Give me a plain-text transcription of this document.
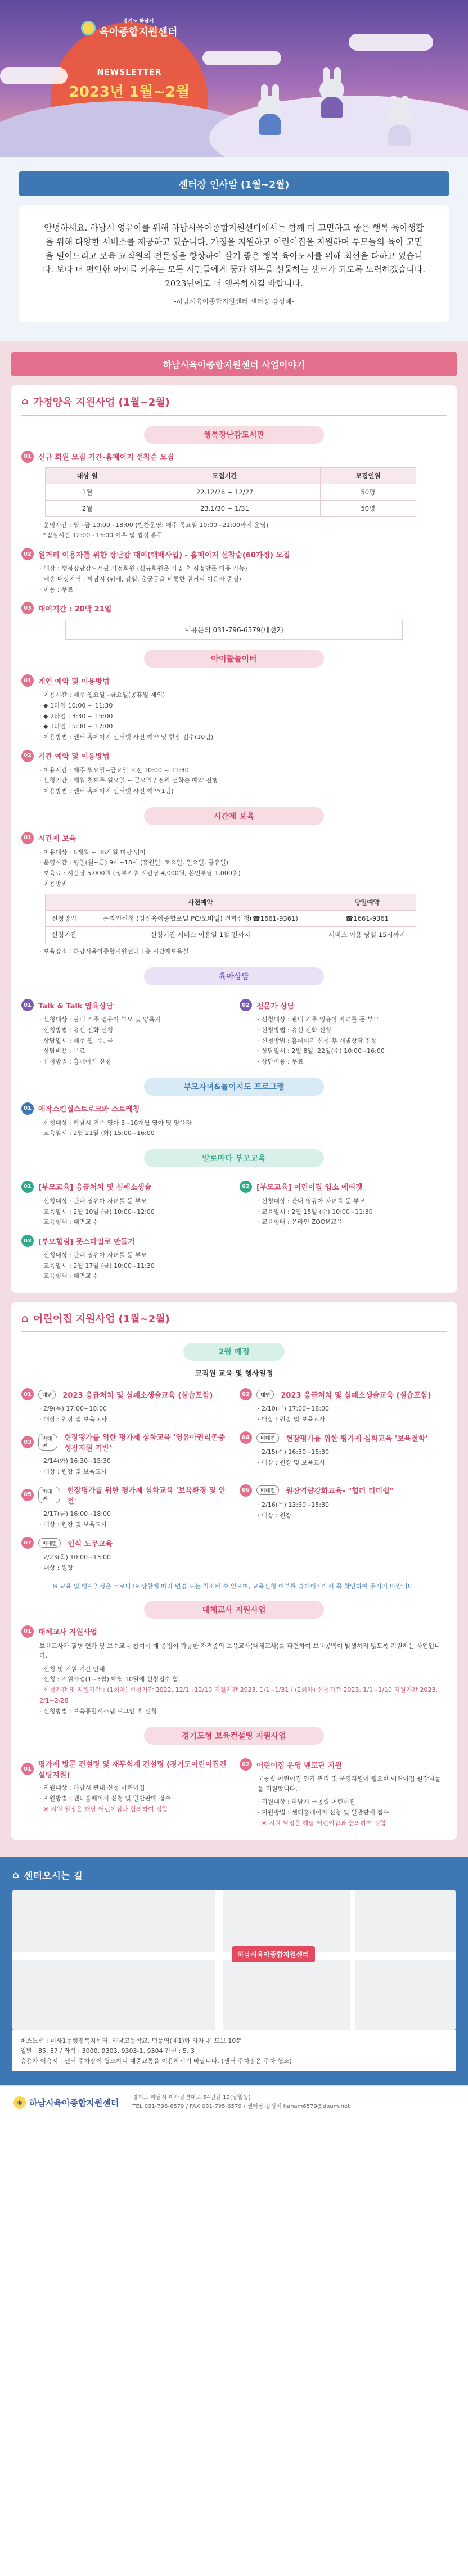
경기도 하남시
육아종합지원센터
NEWSLETTER
2023년 1월~2월
센터장 인사말 (1월~2월)
안녕하세요. 하남시 영유아를 위해 하남시육아종합지원센터에서는 함께 더 고민하고 좋은 행복 육아생활을 위해 다양한 서비스를 제공하고 있습니다. 가정을 지원하고 어린이집을 지원하며 부모들의 육아 고민을 덜어드리고 보육 교직원의 전문성을 향상하여 살기 좋은 행복 육아도시를 위해 최선을 다하고 있습니다. 보다 더 편안한 아이를 키우는 모든 시민들에게 꿈과 행복을 선물하는 센터가 되도록 노력하겠습니다. 2023년에도 더 행복하시길 바랍니다.
-하남시육아종합지원센터 센터장 강성혜-
하남시육아종합지원센터 사업이야기
⌂ 가정양육 지원사업 (1월~2월)
행복장난감도서관
01 신규 회원 모집 기간-홈페이지 선착순 모집
대상 월	모집기간	모집인원
1월	22.12/26 ~ 12/27	50명
2월	23.1/30 ~ 1/31	50명
· 운영시간 : 월~금 10:00~18:00 (반찬운영: 매주 목요일 10:00~21:00까지 운영)
· *점심시간 12:00~13:00 이후 및 법정 휴무
02 원거리 이용자를 위한 장난감 대여(택배사업) - 홈페이지 선착순(60가정) 모집
· 대상 : 행복장난감도서관 가정회원 (신규회원은 가입 후 직접방문 이용 가능)
· 배송 대상지역 : 하남시 (위례, 감일, 춘궁동을 비롯한 원거리 이용자 중심)
· 이용 : 무료
03 대여기간 : 20박 21일
이용문의 031-796-6579(내선2)
아이뜰놀이터
01 개인 예약 및 이용방법
· 이용시간 : 매주 월요일~금요일(공휴일 제외)
· ◆ 1타임 10:00 ~ 11:30
· ◆ 2타임 13:30 ~ 15:00
· ◆ 3타임 15:30 ~ 17:00
· 이용방법 : 센터 홈페이지 인터넷 사전 예약 및 현장 접수(10팀)
02 기관 예약 및 이용방법
· 이용시간 : 매주 월요일~금요일 오전 10:00 ~ 11:30
· 신청기간 : 매월 첫째주 월요일 ~ 금요일 / 정원 선착순 예약 진행
· 이용방법 : 센터 홈페이지 인터넷 사전 예약(1팀)
시간제 보육
01 시간제 보육
· 이용대상 : 6개월 ~ 36개월 미만 영아
· 운영시간 : 평일(월~금) 9시~18시 (휴원일: 토요일, 일요일, 공휴일)
· 보육료 : 시간당 5,000원 (정부지원 시간당 4,000원, 본인부담 1,000원)
· 이용방법
	사전예약	당일예약
신청방법	온라인신청 (임신육아종합포털 PC/모바일) 전화신청(☎1661-9361)	☎1661-9361
신청기간	신청기간 서비스 이용일 1일 전까지	서비스 이용 당일 15시까지
· 보육장소 : 하남시육아종합지원센터 1층 시간제보육실
육아상담
01 Talk & Talk 맘육상담
· 신청대상 : 관내 거주 영유아 부모 및 양육자
· 신청방법 : 유선 전화 신청
· 상담일시 : 매주 월, 수, 금
· 상담비용 : 무료
· 신청방법 : 홈페이지 신청
02 전문가 상담
· 신청대상 : 관내 거주 영유아 자녀를 둔 부모
· 신청방법 : 유선 전화 신청
· 신청방법 : 홈페이지 신청 후 개별상담 진행
· 상담일시 : 2월 8일, 22일(수) 10:00~16:00
· 상담비용 : 무료
부모자녀&놀이지도 프로그램
01 예작스킨십스트로크와 스트레칭
· 신청대상 : 하남시 거주 영아 3~10개월 영아 및 양육자
· 교육일시 : 2월 21일 (화) 15:00~16:00
알로마다 부모교육
01 [부모교육] 응급처치 및 심폐소생술
· 신청대상 : 관내 영유아 자녀를 둔 부모
· 교육일시 : 2월 10일 (금) 10:00~12:00
· 교육형태 : 대면교육
02 [부모교육] 어린이집 입소 에티켓
· 신청대상 : 관내 영유아 자녀를 둔 부모
· 교육일시 : 2월 15일 (수) 10:00~11:30
· 교육형태 : 온라인 ZOOM교육
03 [부모힐링] 못스타일로 만들기
· 신청대상 : 관내 영유아 자녀를 둔 부모
· 교육일시 : 2월 17일 (금) 10:00~11:30
· 교육형태 : 대면교육
⌂ 어린이집 지원사업 (1월~2월)
2월 예정
교직원 교육 및 행사일정
01	대면	2023 응급처치 및 심폐소생술교육 (실습포함)
· 2/9(목) 17:00~18:00
· 대상 : 원장 및 보육교사
02	대면	2023 응급처치 및 심폐소생술교육 (실습포함)
· 2/10(금) 17:00~18:00
· 대상 : 원장 및 보육교사
03	비대면
현장평가를 위한 평가제 심화교육 '영유아권리존중 성장지원 기반'
· 2/14(화) 16:30~15:30
· 대상 : 원장 및 보육교사
04	비대면	현장평가를 위한 평가제 심화교육 '보육철학'
· 2/15(수) 16:30~15:30
· 대상 : 원장 및 보육교사
05	비대면
현장평가를 위한 평가제 심화교육 '보육환경 및 안전'
· 2/17(금) 16:00~18:00
· 대상 : 원장 및 보육교사
06	비대면	원장역량강화교육- "힐러 리더쉽"
· 2/16(목) 13:30~15:30
· 대상 : 원장
07	비대면	인식 노무교육
· 2/23(목) 10:00~13:00
· 대상 : 원장
※ 교육 및 행사일정은 코로나19 상황에 따라 변경 또는 취소될 수 있으며, 교육신청 여부를 홈페이지에서 꼭 확인하여 주시기 바랍니다.
대체교사 지원사업
01 대체교사 지원사업
보육교사가 질병·연가 및 보수교육 참여시 재 증빙이 가능한 자격증의 보육교사(대체교사)를 파견하여 보육공백이 발생하지 않도록 지원하는 사업입니다.
· 신청 및 지원 기간 안내
· 신청 : 지원사업(1~3월) 매월 10일에 신청접수 함.
· 신청기간 및 지원기간 : (1회차) 신청기간 2022. 12/1~12/10 지원기간 2023. 1/1~1/31 / (2회차) 신청기간 2023. 1/1~1/10 지원기간 2023. 2/1~2/28
· 신청방법 : 보육통합시스템 로그인 후 신청
경기도형 보육컨설팅 지원사업
01 평가제 방문 컨설팅 및 재무회계 컨설팅 (경기도어린이집컨설팅지원)
· 지원대상 : 하남시 관내 신청 어린이집
· 지원방법 : 센터홈페이지 신청 및 일반판매 접수
· ※ 지원 일정은 해당 어린이집과 협의하여 정함
02 어린이집 운영 멘토단 지원
국공립 어린이집 인가 관리 및 운영지원이 필요한 어린이집 원장님들을 지원합니다.
· 지원대상 : 하남시 국공립 어린이집
· 지원방법 : 센터홈페이지 신청 및 일반판매 접수
· ※ 지원 일정은 해당 어린이집과 협의하여 정함
⌂ 센터오시는 길
하남시육아종합지원센터
버스노선 : 미사1동행정복지센터, 하남고등학교, 덕풍역(제1)와 하자 유 도보 10분
일반 : 85, 87 / 좌석 : 3000, 9303, 9303-1, 9304 간선 : 5, 3
승용차 이용시 : 센터 주차장이 협소하니 대중교통을 이용하시기 바랍니다. (센터 주차장은 주차 협조)
◉ 하남시육아종합지원센터 경기도 하남시 미사강변대로 54번길 12(망월동)
TEL 031-796-6579 / FAX 031-795-6579 / 센터장 강성혜 hanam6579@daum.net
